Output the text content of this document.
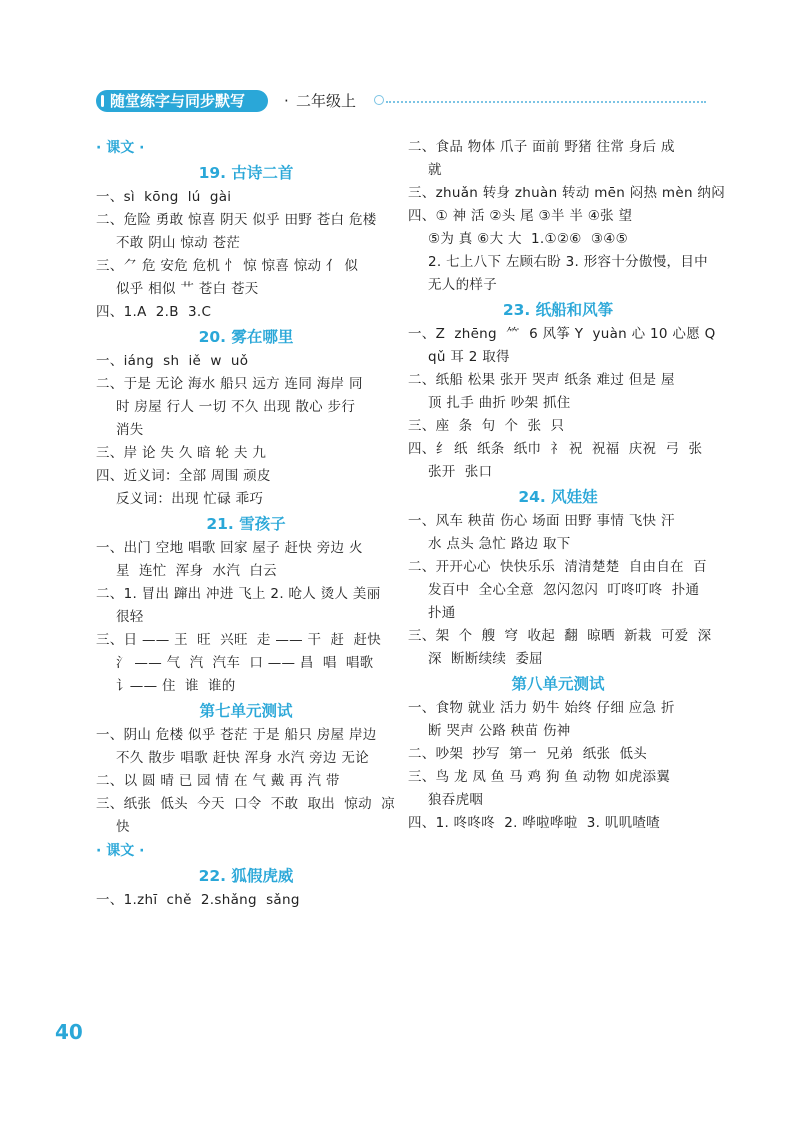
随堂练字与同步默写	· 二年级上
· 课文 ·
19. 古诗二首
一、sì  kōng  lú  gài
二、危险 勇敢 惊喜 阴天 似乎 田野 苍白 危楼
不敢 阴山 惊动 苍茫
三、⺈ 危 安危 危机 忄 惊 惊喜 惊动 亻 似
似乎 相似 艹 苍白 苍天
四、1.A  2.B  3.C
20. 雾在哪里
一、iáng  sh  iě  w  uǒ
二、于是 无论 海水 船只 远方 连同 海岸 同
时 房屋 行人 一切 不久 出现 散心 步行
消失
三、岸 论 失 久 暗 轮 夫 九
四、近义词：全部 周围 顽皮
反义词：出现 忙碌 乖巧
21. 雪孩子
一、出门 空地 唱歌 回家 屋子 赶快 旁边 火
星  连忙  浑身  水汽  白云
二、1. 冒出 蹿出 冲进 飞上 2. 呛人 烫人 美丽
很轻
三、日 —— 王  旺  兴旺  走 —— 干  赶  赶快
氵 —— 气  汽  汽车  口 —— 昌  唱  唱歌
讠—— 住  谁  谁的
第七单元测试
一、阴山 危楼 似乎 苍茫 于是 船只 房屋 岸边
不久 散步 唱歌 赶快 浑身 水汽 旁边 无论
二、以 圆 晴 已 园 情 在 气 戴 再 汽 带
三、纸张  低头  今天  口令  不敢  取出  惊动  凉
快
· 课文 ·
22. 狐假虎威
一、1.zhī  chě  2.shǎng  sǎng
二、食品 物体 爪子 面前 野猪 往常 身后 成
就
三、zhuǎn 转身 zhuàn 转动 mēn 闷热 mèn 纳闷
四、① 神 活 ②头 尾 ③半 半 ④张 望
⑤为 真 ⑥大 大  1.①②⑥  ③④⑤
2. 七上八下 左顾右盼 3. 形容十分傲慢，目中
无人的样子
23. 纸船和风筝
一、Z  zhēng  ⺮  6 风筝 Y  yuàn 心 10 心愿 Q
qǔ 耳 2 取得
二、纸船 松果 张开 哭声 纸条 难过 但是 屋
顶 扎手 曲折 吵架 抓住
三、座  条  句  个  张  只
四、纟 纸  纸条  纸巾  礻 祝  祝福  庆祝  弓  张
张开  张口
24. 风娃娃
一、风车 秧苗 伤心 场面 田野 事情 飞快 汗
水 点头 急忙 路边 取下
二、开开心心  快快乐乐  清清楚楚  自由自在  百
发百中  全心全意  忽闪忽闪  叮咚叮咚  扑通
扑通
三、架  个  艘  穹  收起  翻  晾晒  新栽  可爱  深
深  断断续续  委屈
第八单元测试
一、食物 就业 活力 奶牛 始终 仔细 应急 折
断 哭声 公路 秧苗 伤神
二、吵架  抄写  第一  兄弟  纸张  低头
三、鸟 龙 凤 鱼 马 鸡 狗 鱼 动物 如虎添翼
狼吞虎咽
四、1. 咚咚咚  2. 哗啦哗啦  3. 叽叽喳喳
40
